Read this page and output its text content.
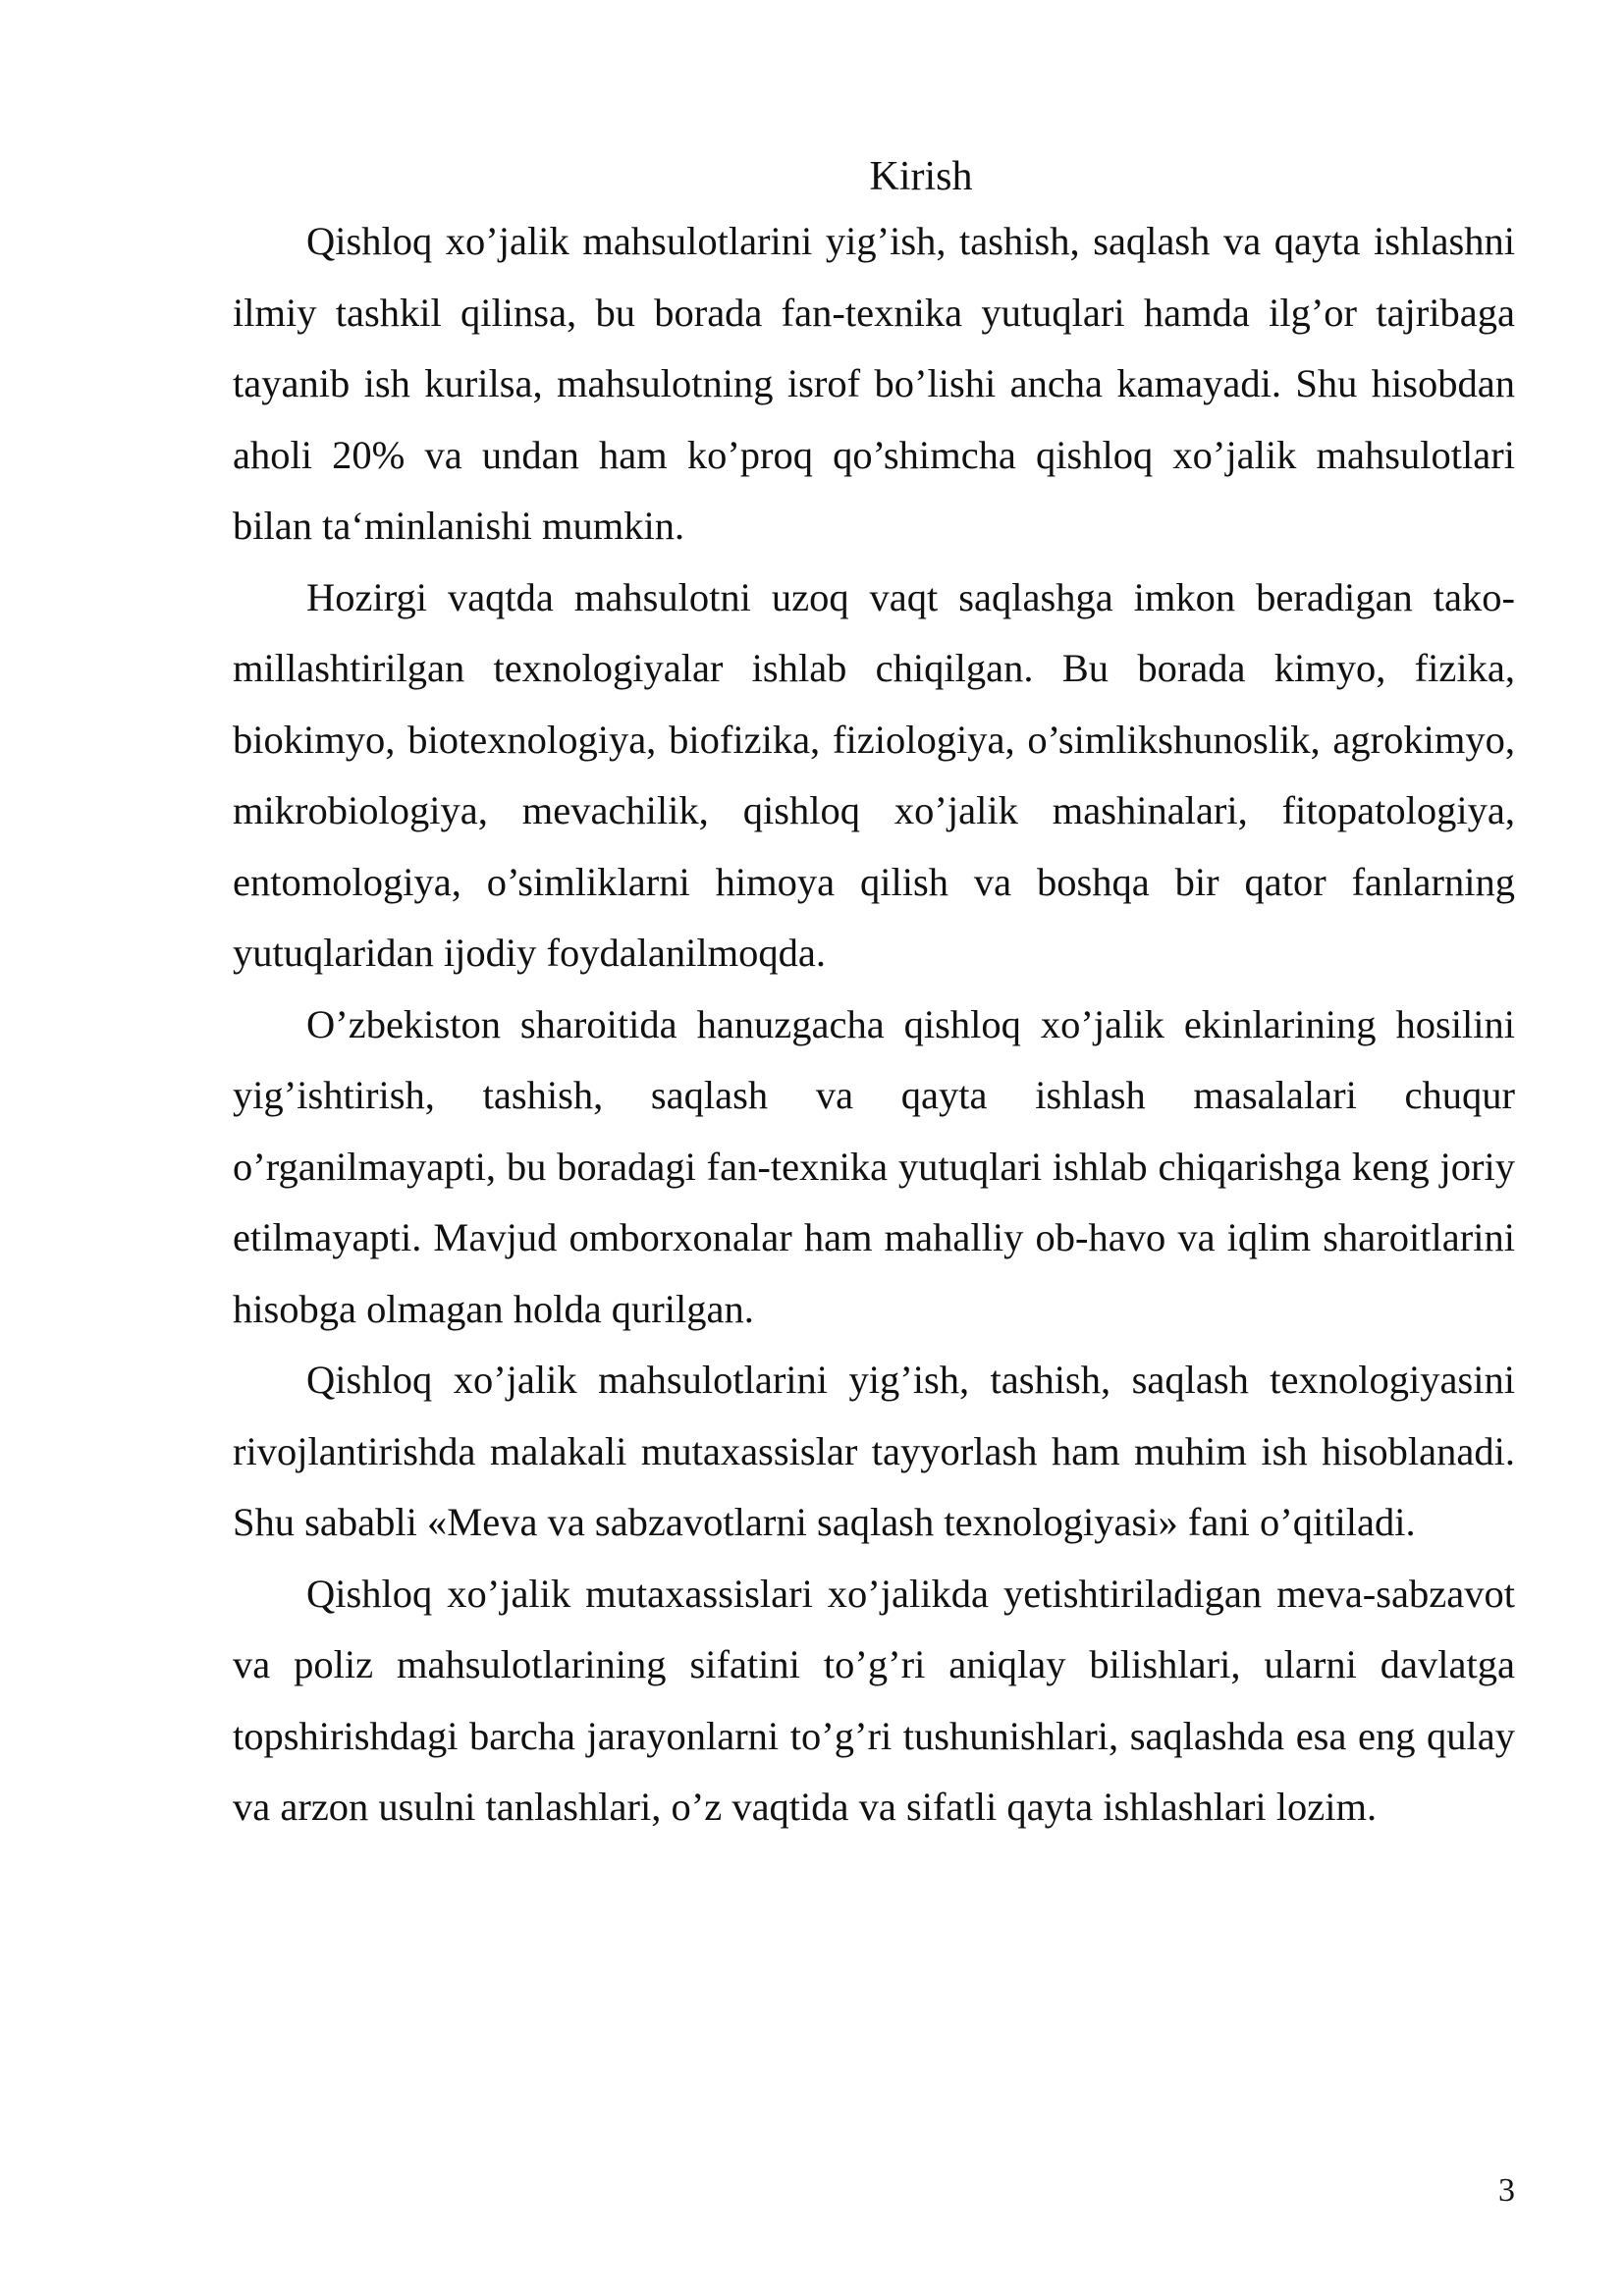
Kirish

Qishloq xo’jalik mahsulotlarini yig’ish, tashish, saqlash va qayta ishlashni ilmiy tashkil qilinsa, bu borada fan-texnika yutuqlari hamda ilg’or tajribaga tayanib ish kurilsa, mahsulotning isrof bo’lishi ancha kamayadi. Shu hisobdan aholi 20% va undan ham ko’proq qo’shimcha qishloq xo’jalik mahsulotlari bilan ta‘minlanishi mumkin.

Hozirgi vaqtda mahsulotni uzoq vaqt saqlashga imkon beradigan takomillashtirilgan texnologiyalar ishlab chiqilgan. Bu borada kimyo, fizika, biokimyo, biotexnologiya, biofizika, fiziologiya, o’simlikshunoslik, agrokimyo, mikrobiologiya, mevachilik, qishloq xo’jalik mashinalari, fitopatologiya, entomologiya, o’simliklarni himoya qilish va boshqa bir qator fanlarning yutuqlaridan ijodiy foydalanilmoqda.

O’zbekiston sharoitida hanuzgacha qishloq xo’jalik ekinlarining hosilini yig’ishtirish, tashish, saqlash va qayta ishlash masalalari chuqur o’rganilmayapti, bu boradagi fan-texnika yutuqlari ishlab chiqarishga keng joriy etilmayapti. Mavjud omborxonalar ham mahalliy ob-havo va iqlim sharoitlarini hisobga olmagan holda qurilgan.

Qishloq xo’jalik mahsulotlarini yig’ish, tashish, saqlash texnologiyasini rivojlantirishda malakali mutaxassislar tayyorlash ham muhim ish hisoblanadi. Shu sababli «Meva va sabzavotlarni saqlash texnologiyasi» fani o’qitiladi.

Qishloq xo’jalik mutaxassislari xo’jalikda yetishtiriladigan meva-sabzavot va poliz mahsulotlarining sifatini to’g’ri aniqlay bilishlari, ularni davlatga topshirishdagi barcha jarayonlarni to’g’ri tushunishlari, saqlashda esa eng qulay va arzon usulni tanlashlari, o’z vaqtida va sifatli qayta ishlashlari lozim.

3
